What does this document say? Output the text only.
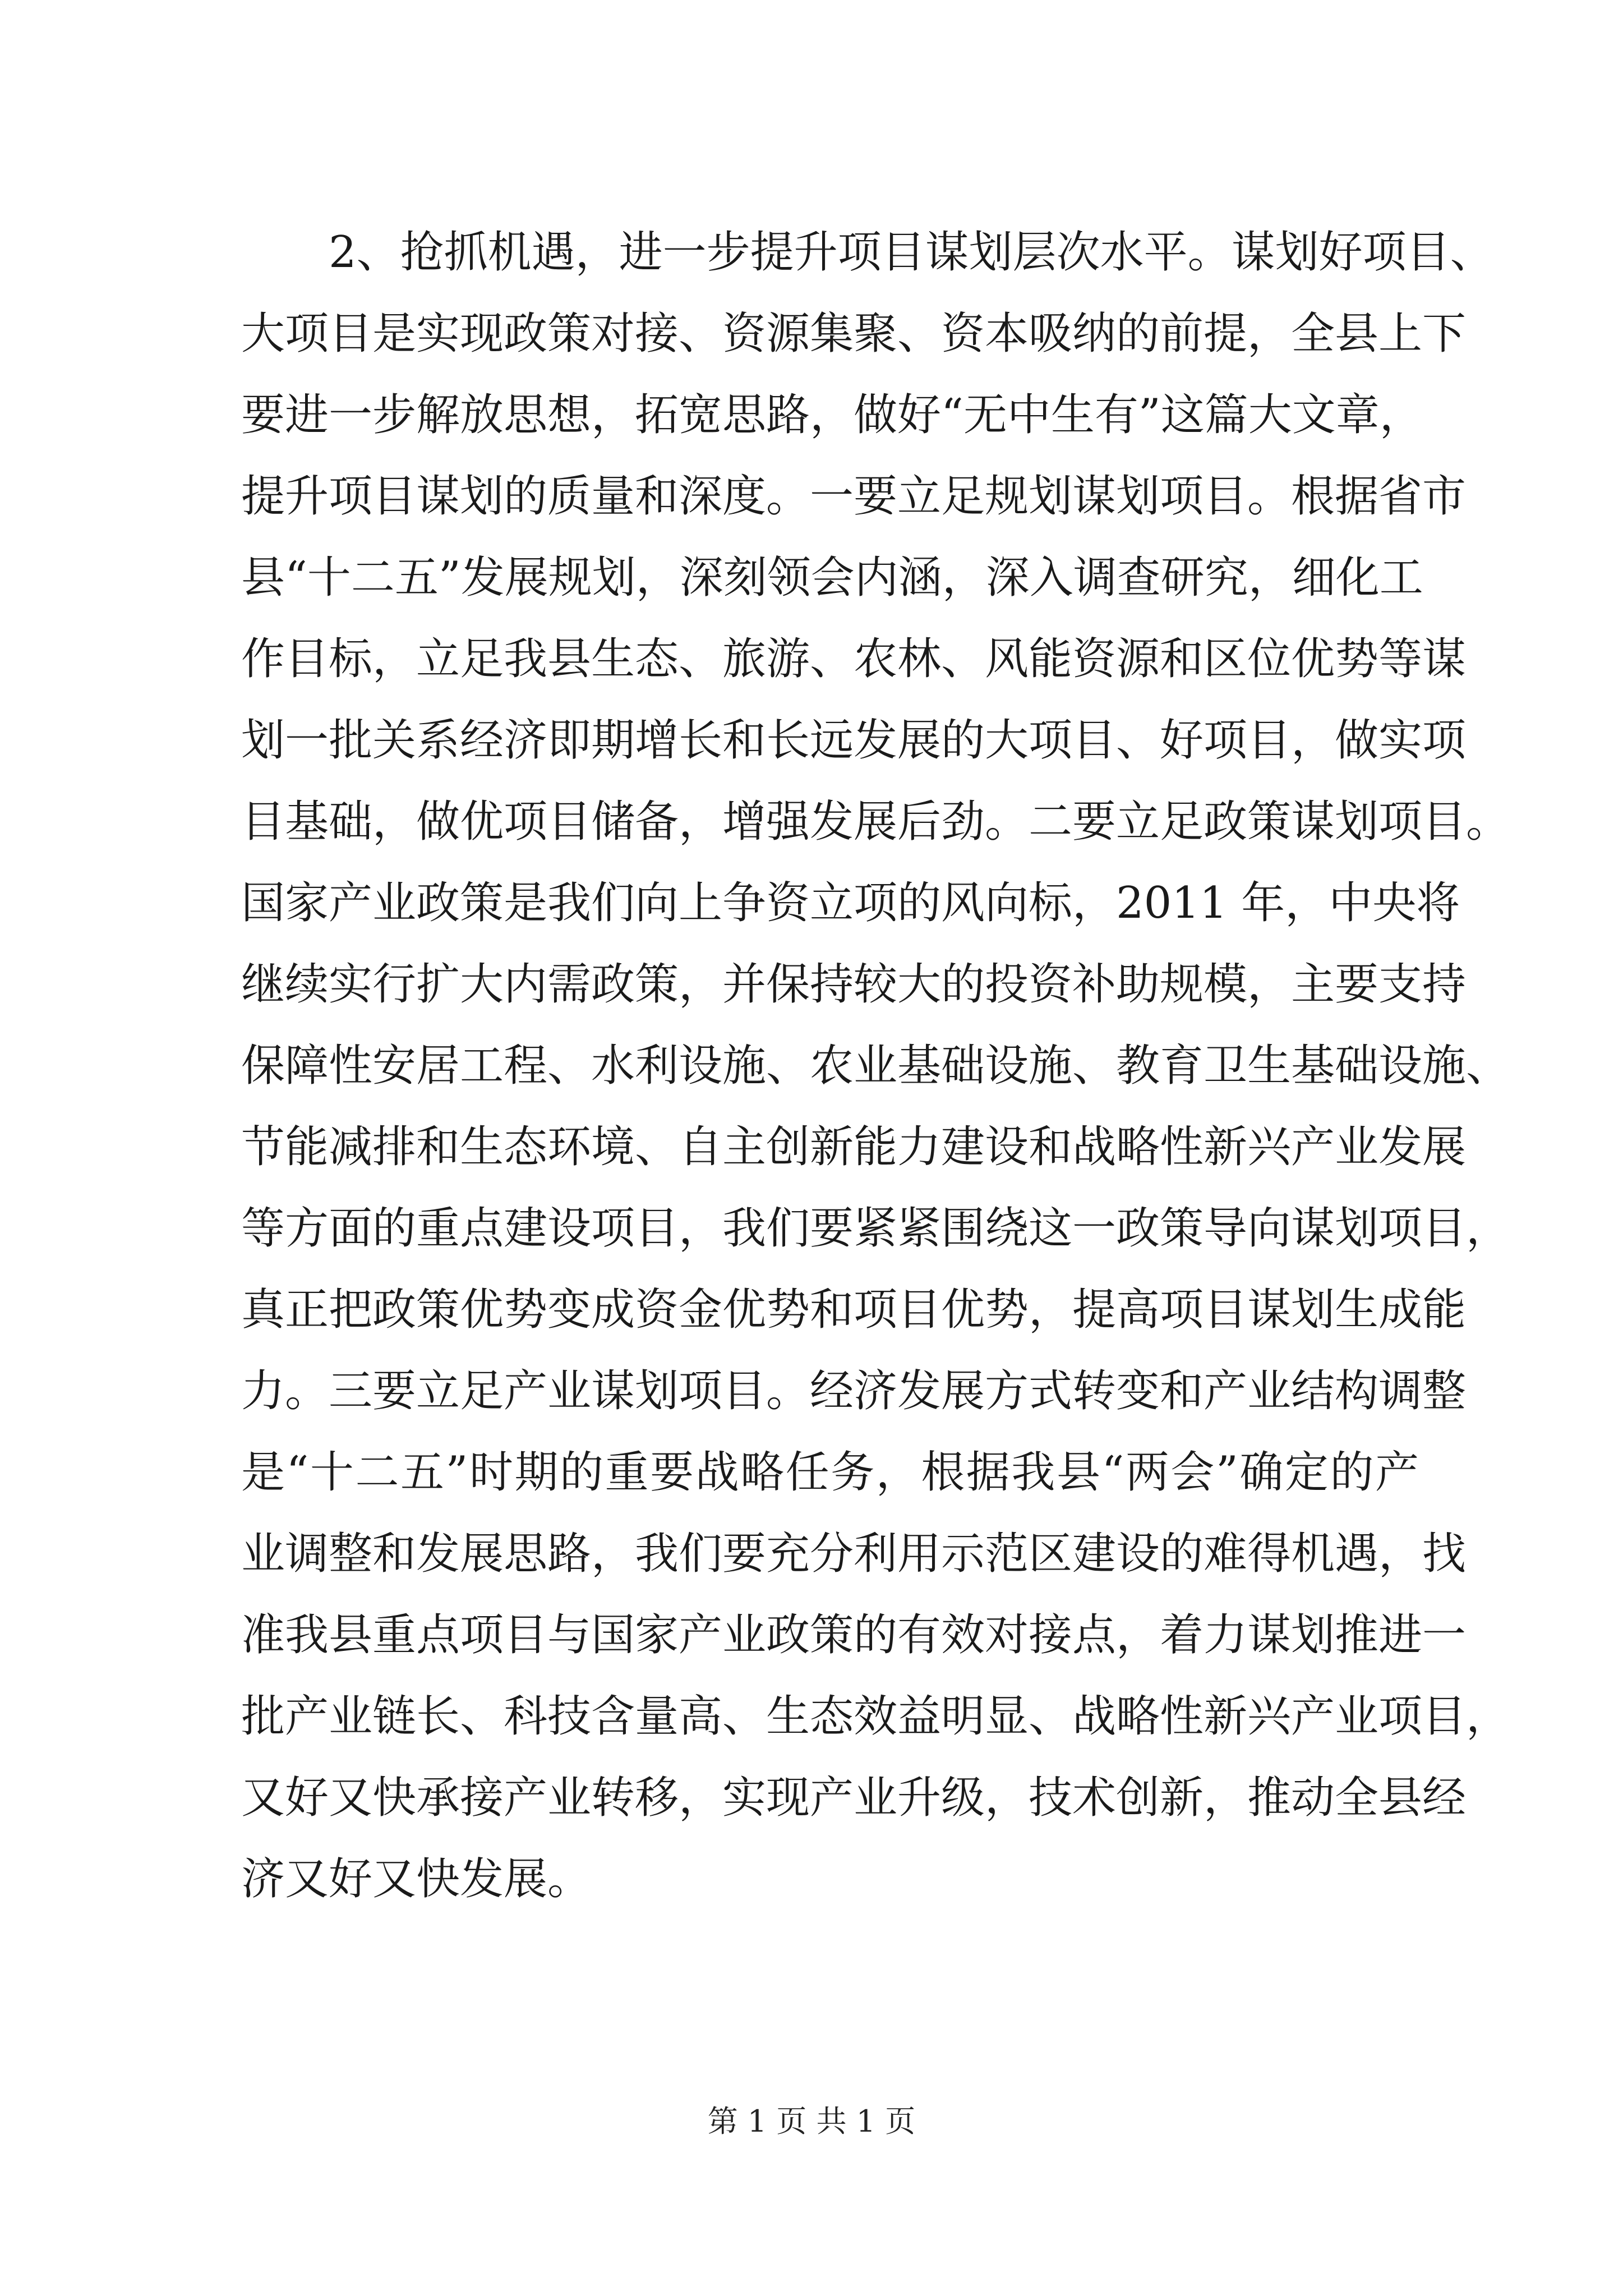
　　2、抢抓机遇，进一步提升项目谋划层次水平。谋划好项目、
大项目是实现政策对接、资源集聚、资本吸纳的前提，全县上下
要进一步解放思想，拓宽思路，做好“无中生有”这篇大文章，
提升项目谋划的质量和深度。一要立足规划谋划项目。根据省市
县“十二五”发展规划，深刻领会内涵，深入调查研究，细化工
作目标，立足我县生态、旅游、农林、风能资源和区位优势等谋
划一批关系经济即期增长和长远发展的大项目、好项目，做实项
目基础，做优项目储备，增强发展后劲。二要立足政策谋划项目。
国家产业政策是我们向上争资立项的风向标，2011 年，中央将
继续实行扩大内需政策，并保持较大的投资补助规模，主要支持
保障性安居工程、水利设施、农业基础设施、教育卫生基础设施、
节能减排和生态环境、自主创新能力建设和战略性新兴产业发展
等方面的重点建设项目，我们要紧紧围绕这一政策导向谋划项目，
真正把政策优势变成资金优势和项目优势，提高项目谋划生成能
力。三要立足产业谋划项目。经济发展方式转变和产业结构调整
是“十二五”时期的重要战略任务，根据我县“两会”确定的产
业调整和发展思路，我们要充分利用示范区建设的难得机遇，找
准我县重点项目与国家产业政策的有效对接点，着力谋划推进一
批产业链长、科技含量高、生态效益明显、战略性新兴产业项目，
又好又快承接产业转移，实现产业升级，技术创新，推动全县经
济又好又快发展。
第 1 页 共 1 页
